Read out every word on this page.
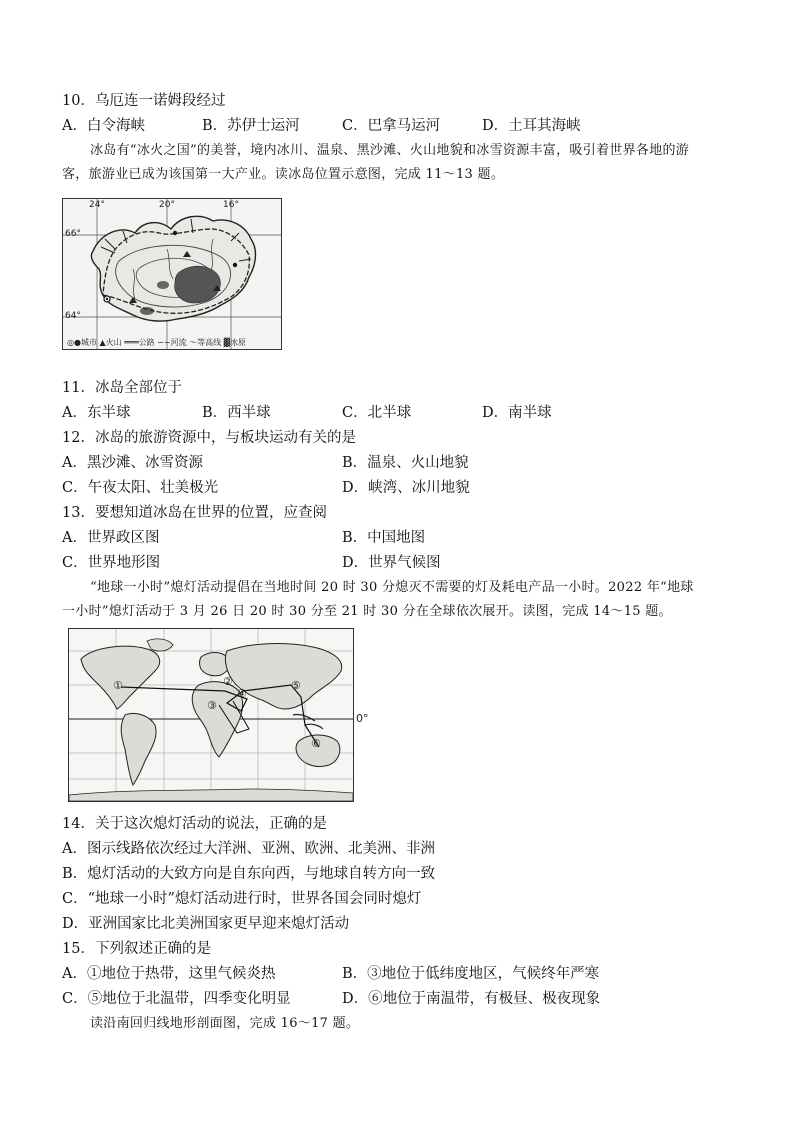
10．乌厄连一诺姆段经过
A．白令海峡	B．苏伊士运河	C．巴拿马运河	D．土耳其海峡
冰岛有“冰火之国”的美誉，境内冰川、温泉、黑沙滩、火山地貌和冰雪资源丰富，吸引着世界各地的游
客，旅游业已成为该国第一大产业。读冰岛位置示意图，完成 11～13 题。
24°	20°	16°
66°
64°
◎●城市 ▲火山 ═══公路 ∽∽河流 〜等高线 ▓冰原
11．冰岛全部位于
A．东半球	B．西半球	C．北半球	D．南半球
12．冰岛的旅游资源中，与板块运动有关的是
A．黑沙滩、冰雪资源	B．温泉、火山地貌
C．午夜太阳、壮美极光	D．峡湾、冰川地貌
13．要想知道冰岛在世界的位置，应查阅
A．世界政区图	B．中国地图
C．世界地形图	D．世界气候图
“地球一小时”熄灯活动提倡在当地时间 20 时 30 分熄灭不需要的灯及耗电产品一小时。2022 年“地球
一小时”熄灯活动于 3 月 26 日 20 时 30 分至 21 时 30 分在全球依次展开。读图，完成 14～15 题。
①	②
③
④
⑤
⑥
0°
14．关于这次熄灯活动的说法，正确的是
A．图示线路依次经过大洋洲、亚洲、欧洲、北美洲、非洲
B．熄灯活动的大致方向是自东向西，与地球自转方向一致
C．“地球一小时”熄灯活动进行时，世界各国会同时熄灯
D．亚洲国家比北美洲国家更早迎来熄灯活动
15．下列叙述正确的是
A．①地位于热带，这里气候炎热	B．③地位于低纬度地区，气候终年严寒
C．⑤地位于北温带，四季变化明显	D．⑥地位于南温带，有极昼、极夜现象
读沿南回归线地形剖面图，完成 16～17 题。
